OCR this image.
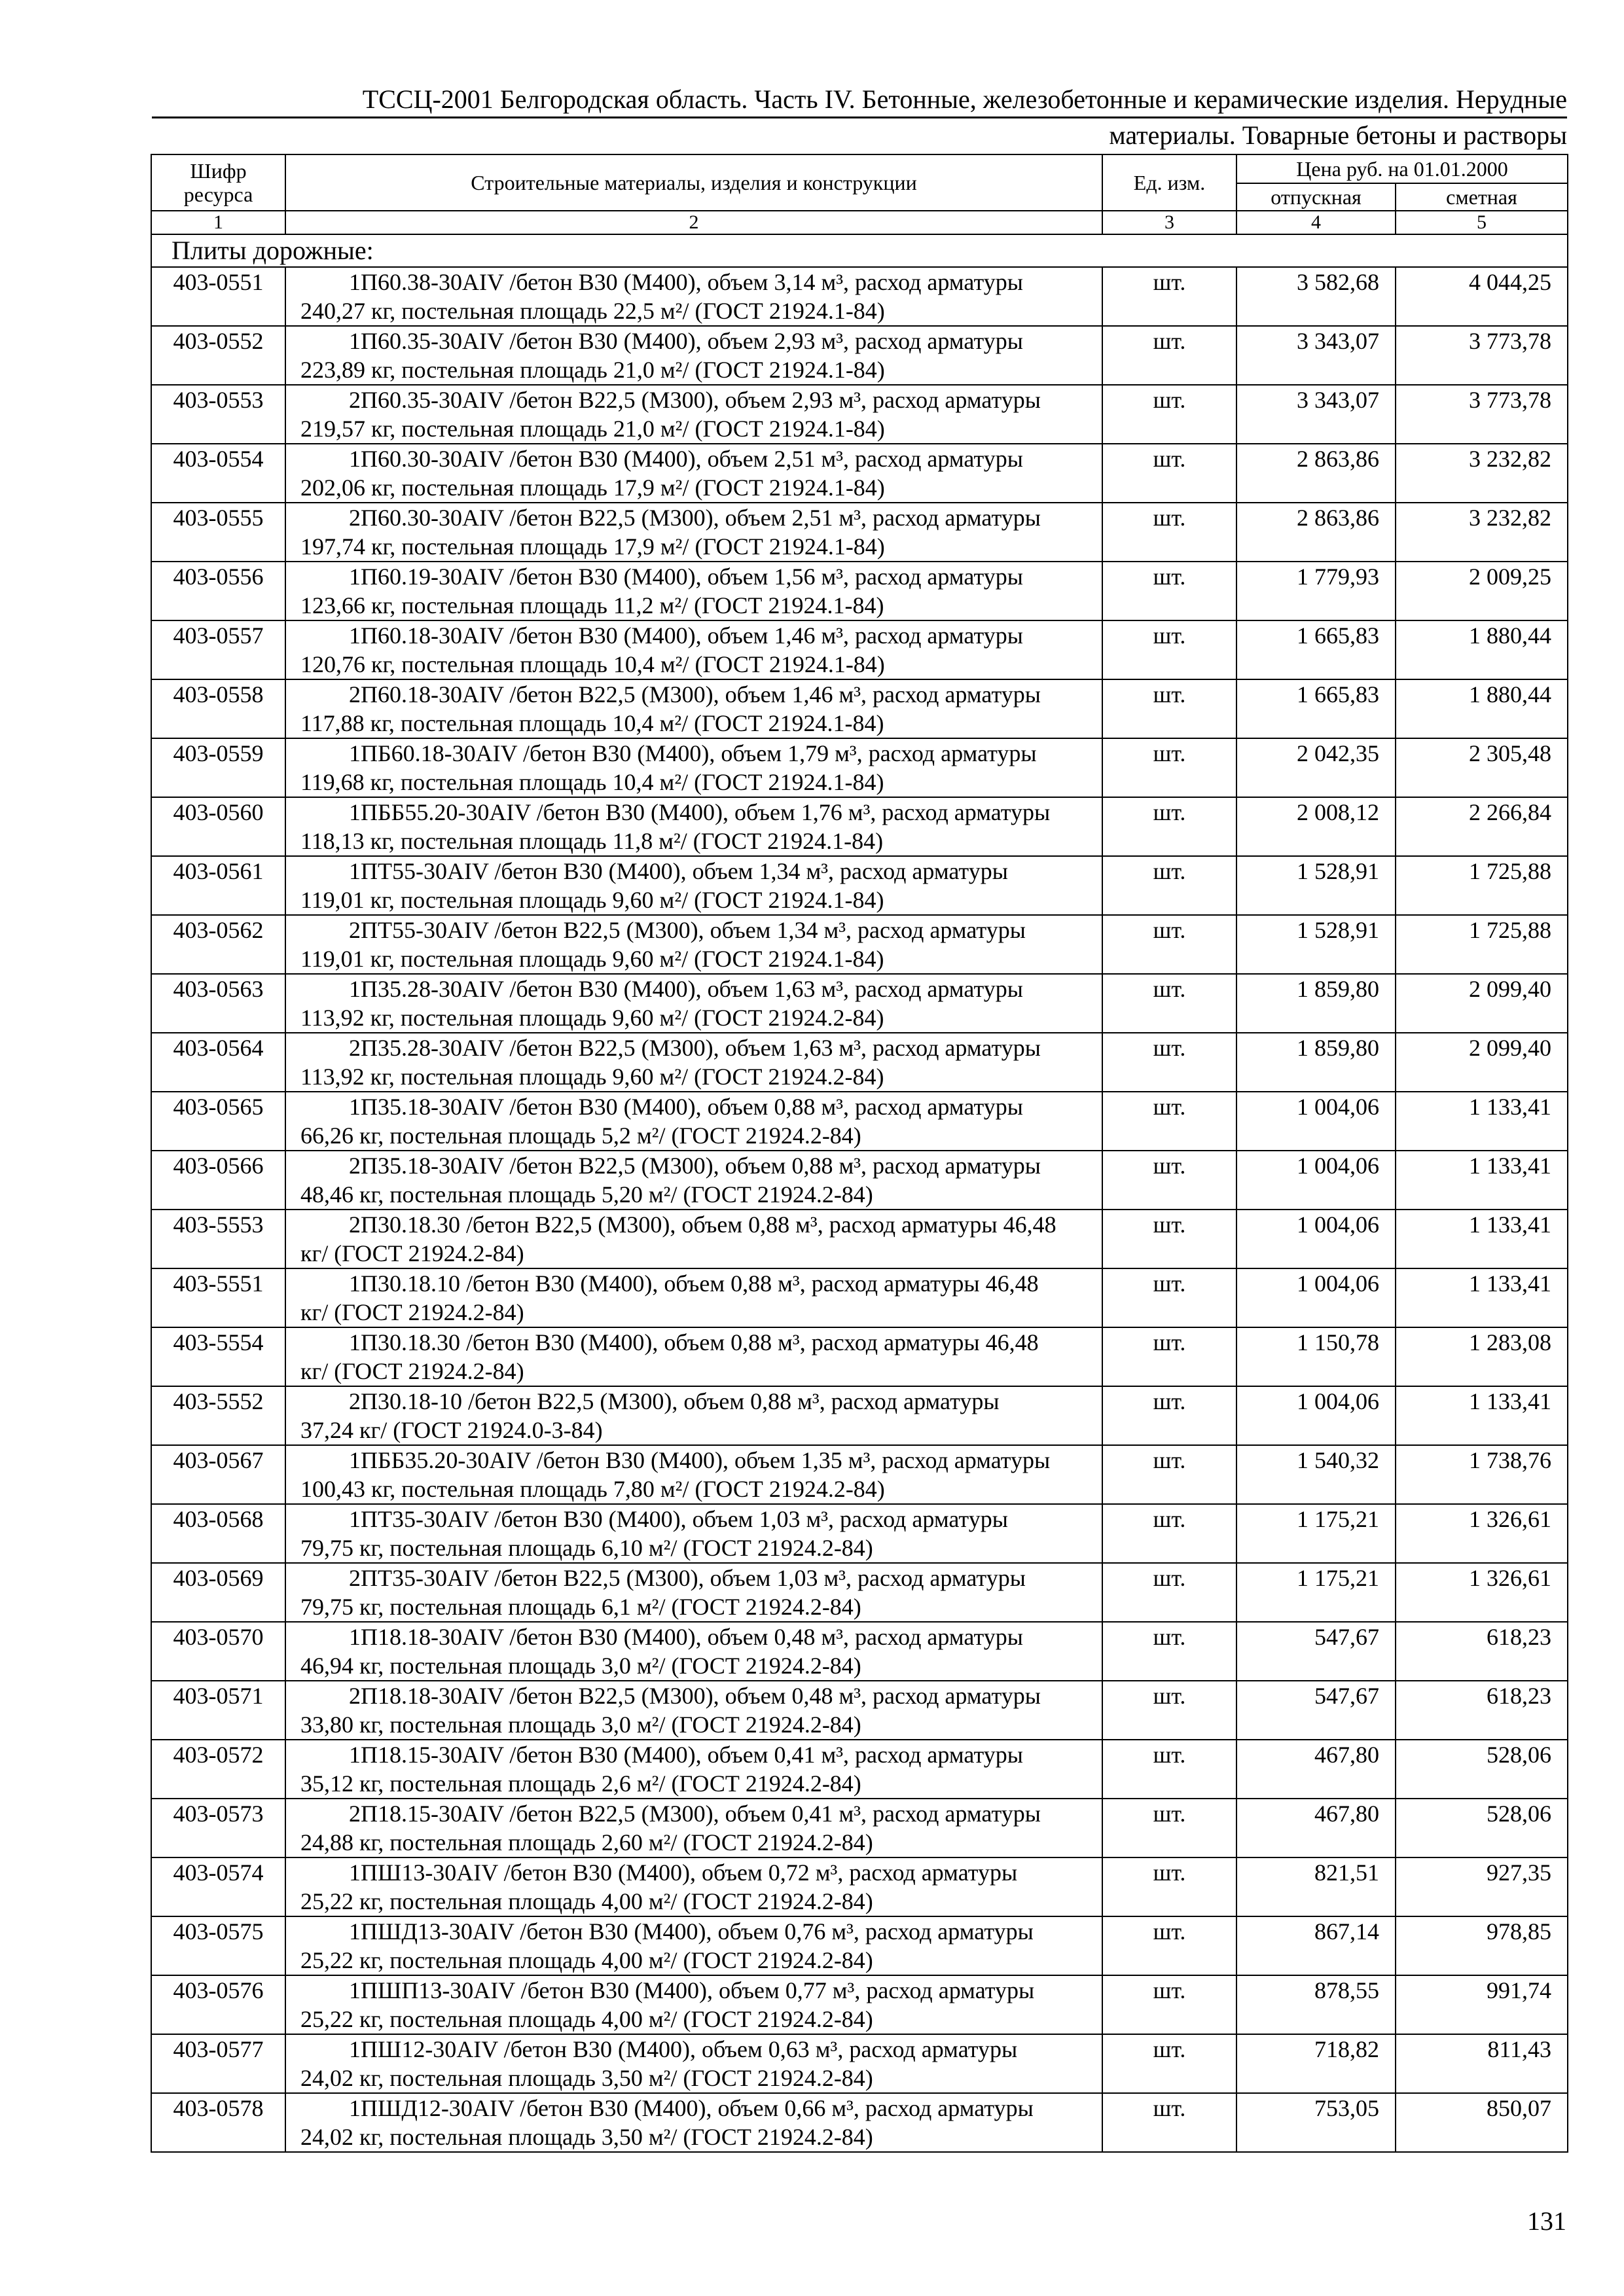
ТССЦ-2001 Белгородская область. Часть IV. Бетонные, железобетонные и керамические изделия. Нерудные
материалы. Товарные бетоны и растворы
Шифр ресурса	Строительные материалы, изделия и конструкции	Ед. изм.	Цена руб. на 01.01.2000	
			отпускная	сметная
1	2	3	4	5
Плиты дорожные:				
403-0551	1П60.38-30АIV /бетон В30 (М400), объем 3,14 м³, расход арматуры
240,27 кг, постельная площадь 22,5 м²/ (ГОСТ 21924.1-84)	шт.	3 582,68	4 044,25
403-0552	1П60.35-30АIV /бетон В30 (М400), объем 2,93 м³, расход арматуры
223,89 кг, постельная площадь 21,0 м²/ (ГОСТ 21924.1-84)	шт.	3 343,07	3 773,78
403-0553	2П60.35-30АIV /бетон В22,5 (М300), объем 2,93 м³, расход арматуры
219,57 кг, постельная площадь 21,0 м²/ (ГОСТ 21924.1-84)	шт.	3 343,07	3 773,78
403-0554	1П60.30-30АIV /бетон В30 (М400), объем 2,51 м³, расход арматуры
202,06 кг, постельная площадь 17,9 м²/ (ГОСТ 21924.1-84)	шт.	2 863,86	3 232,82
403-0555	2П60.30-30АIV /бетон В22,5 (М300), объем 2,51 м³, расход арматуры
197,74 кг, постельная площадь 17,9 м²/ (ГОСТ 21924.1-84)	шт.	2 863,86	3 232,82
403-0556	1П60.19-30АIV /бетон В30 (М400), объем 1,56 м³, расход арматуры
123,66 кг, постельная площадь 11,2 м²/ (ГОСТ 21924.1-84)	шт.	1 779,93	2 009,25
403-0557	1П60.18-30АIV /бетон В30 (М400), объем 1,46 м³, расход арматуры
120,76 кг, постельная площадь 10,4 м²/ (ГОСТ 21924.1-84)	шт.	1 665,83	1 880,44
403-0558	2П60.18-30АIV /бетон В22,5 (М300), объем 1,46 м³, расход арматуры
117,88 кг, постельная площадь 10,4 м²/ (ГОСТ 21924.1-84)	шт.	1 665,83	1 880,44
403-0559	1ПБ60.18-30АIV /бетон В30 (М400), объем 1,79 м³, расход арматуры
119,68 кг, постельная площадь 10,4 м²/ (ГОСТ 21924.1-84)	шт.	2 042,35	2 305,48
403-0560	1ПББ55.20-30АIV /бетон В30 (М400), объем 1,76 м³, расход арматуры
118,13 кг, постельная площадь 11,8 м²/ (ГОСТ 21924.1-84)	шт.	2 008,12	2 266,84
403-0561	1ПТ55-30АIV /бетон В30 (М400), объем 1,34 м³, расход арматуры
119,01 кг, постельная площадь 9,60 м²/ (ГОСТ 21924.1-84)	шт.	1 528,91	1 725,88
403-0562	2ПТ55-30АIV /бетон В22,5 (М300), объем 1,34 м³, расход арматуры
119,01 кг, постельная площадь 9,60 м²/ (ГОСТ 21924.1-84)	шт.	1 528,91	1 725,88
403-0563	1П35.28-30АIV /бетон В30 (М400), объем 1,63 м³, расход арматуры
113,92 кг, постельная площадь 9,60 м²/ (ГОСТ 21924.2-84)	шт.	1 859,80	2 099,40
403-0564	2П35.28-30АIV /бетон В22,5 (М300), объем 1,63 м³, расход арматуры
113,92 кг, постельная площадь 9,60 м²/ (ГОСТ 21924.2-84)	шт.	1 859,80	2 099,40
403-0565	1П35.18-30АIV /бетон В30 (М400), объем 0,88 м³, расход арматуры
66,26 кг, постельная площадь 5,2 м²/ (ГОСТ 21924.2-84)	шт.	1 004,06	1 133,41
403-0566	2П35.18-30АIV /бетон В22,5 (М300), объем 0,88 м³, расход арматуры
48,46 кг, постельная площадь 5,20 м²/ (ГОСТ 21924.2-84)	шт.	1 004,06	1 133,41
403-5553	2П30.18.30 /бетон В22,5 (М300), объем 0,88 м³, расход арматуры 46,48
кг/ (ГОСТ 21924.2-84)	шт.	1 004,06	1 133,41
403-5551	1П30.18.10 /бетон В30 (М400), объем 0,88 м³, расход арматуры 46,48
кг/ (ГОСТ 21924.2-84)	шт.	1 004,06	1 133,41
403-5554	1П30.18.30 /бетон В30 (М400), объем 0,88 м³, расход арматуры 46,48
кг/ (ГОСТ 21924.2-84)	шт.	1 150,78	1 283,08
403-5552	2П30.18-10 /бетон В22,5 (М300), объем 0,88 м³, расход арматуры
37,24 кг/ (ГОСТ 21924.0-3-84)	шт.	1 004,06	1 133,41
403-0567	1ПББ35.20-30АIV /бетон В30 (М400), объем 1,35 м³, расход арматуры
100,43 кг, постельная площадь 7,80 м²/ (ГОСТ 21924.2-84)	шт.	1 540,32	1 738,76
403-0568	1ПТ35-30АIV /бетон В30 (М400), объем 1,03 м³, расход арматуры
79,75 кг, постельная площадь 6,10 м²/ (ГОСТ 21924.2-84)	шт.	1 175,21	1 326,61
403-0569	2ПТ35-30АIV /бетон В22,5 (М300), объем 1,03 м³, расход арматуры
79,75 кг, постельная площадь 6,1 м²/ (ГОСТ 21924.2-84)	шт.	1 175,21	1 326,61
403-0570	1П18.18-30АIV /бетон В30 (М400), объем 0,48 м³, расход арматуры
46,94 кг, постельная площадь 3,0 м²/ (ГОСТ 21924.2-84)	шт.	547,67	618,23
403-0571	2П18.18-30АIV /бетон В22,5 (М300), объем 0,48 м³, расход арматуры
33,80 кг, постельная площадь 3,0 м²/ (ГОСТ 21924.2-84)	шт.	547,67	618,23
403-0572	1П18.15-30АIV /бетон В30 (М400), объем 0,41 м³, расход арматуры
35,12 кг, постельная площадь 2,6 м²/ (ГОСТ 21924.2-84)	шт.	467,80	528,06
403-0573	2П18.15-30АIV /бетон В22,5 (М300), объем 0,41 м³, расход арматуры
24,88 кг, постельная площадь 2,60 м²/ (ГОСТ 21924.2-84)	шт.	467,80	528,06
403-0574	1ПШ13-30АIV /бетон В30 (М400), объем 0,72 м³, расход арматуры
25,22 кг, постельная площадь 4,00 м²/ (ГОСТ 21924.2-84)	шт.	821,51	927,35
403-0575	1ПШД13-30АIV /бетон В30 (М400), объем 0,76 м³, расход арматуры
25,22 кг, постельная площадь 4,00 м²/ (ГОСТ 21924.2-84)	шт.	867,14	978,85
403-0576	1ПШП13-30АIV /бетон В30 (М400), объем 0,77 м³, расход арматуры
25,22 кг, постельная площадь 4,00 м²/ (ГОСТ 21924.2-84)	шт.	878,55	991,74
403-0577	1ПШ12-30АIV /бетон В30 (М400), объем 0,63 м³, расход арматуры
24,02 кг, постельная площадь 3,50 м²/ (ГОСТ 21924.2-84)	шт.	718,82	811,43
403-0578	1ПШД12-30АIV /бетон В30 (М400), объем 0,66 м³, расход арматуры
24,02 кг, постельная площадь 3,50 м²/ (ГОСТ 21924.2-84)	шт.	753,05	850,07
131
